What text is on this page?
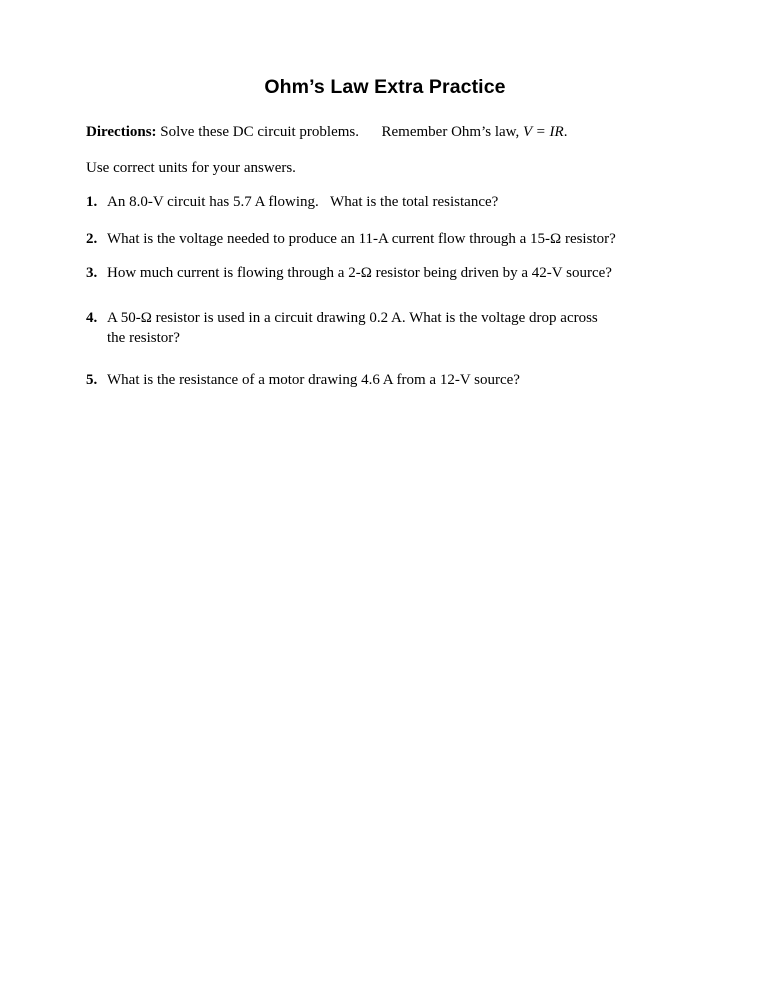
Ohm’s Law Extra Practice

Directions: Solve these DC circuit problems.      Remember Ohm’s law, V = IR.

Use correct units for your answers.

1. An 8.0-V circuit has 5.7 A flowing.   What is the total resistance?
2. What is the voltage needed to produce an 11-A current flow through a 15-Ω resistor?
3. How much current is flowing through a 2-Ω resistor being driven by a 42-V source?
4. A 50-Ω resistor is used in a circuit drawing 0.2 A. What is the voltage drop across
the resistor?
5. What is the resistance of a motor drawing 4.6 A from a 12-V source?
